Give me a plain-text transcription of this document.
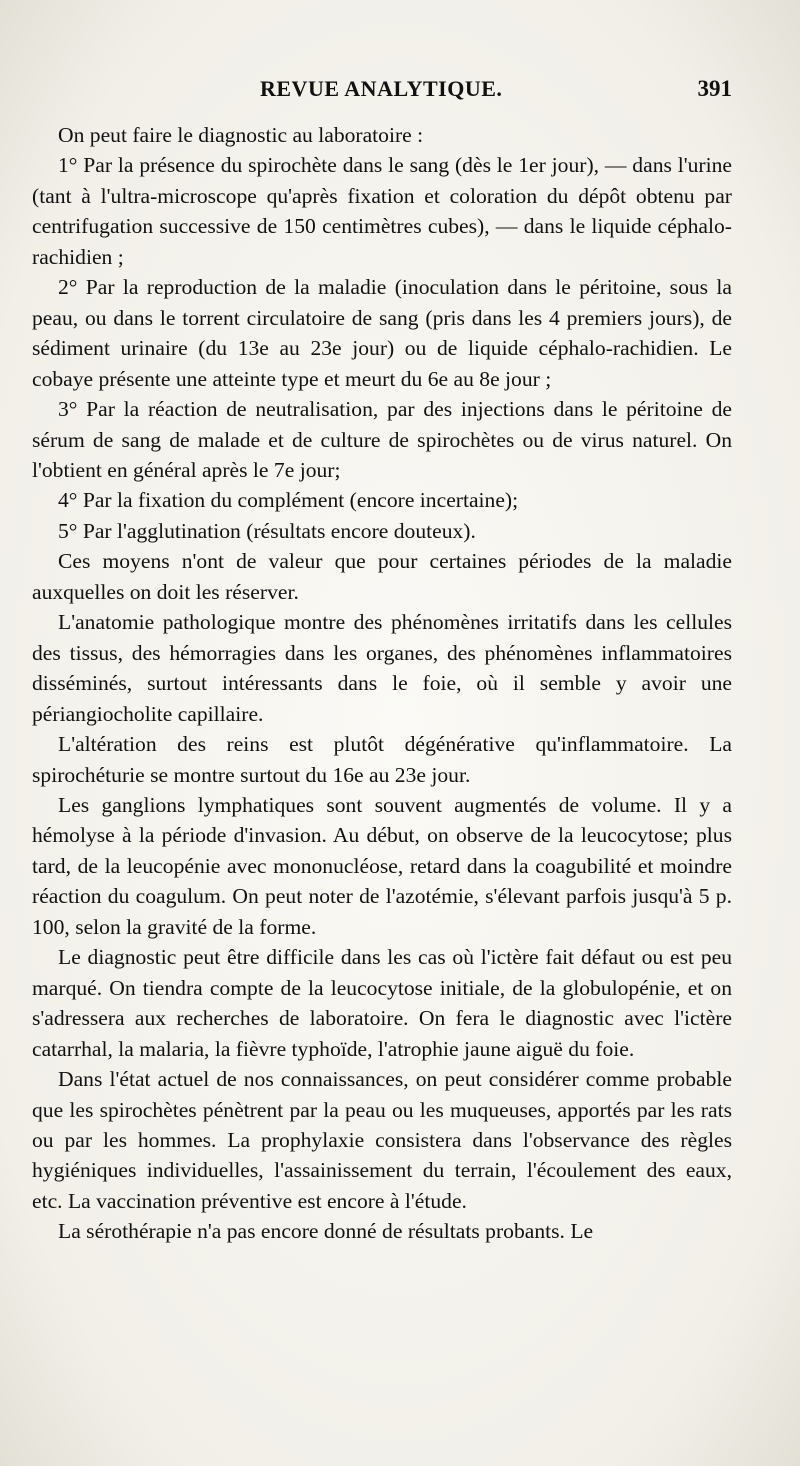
REVUE ANALYTIQUE.	391

On peut faire le diagnostic au laboratoire :

1° Par la présence du spirochète dans le sang (dès le 1er jour), — dans l'urine (tant à l'ultra-microscope qu'après fixation et coloration du dépôt obtenu par centrifugation successive de 150 centimètres cubes), — dans le liquide céphalo-rachidien ;

2° Par la reproduction de la maladie (inoculation dans le péritoine, sous la peau, ou dans le torrent circulatoire de sang (pris dans les 4 premiers jours), de sédiment urinaire (du 13e au 23e jour) ou de liquide céphalo-rachidien. Le cobaye présente une atteinte type et meurt du 6e au 8e jour ;

3° Par la réaction de neutralisation, par des injections dans le péritoine de sérum de sang de malade et de culture de spirochètes ou de virus naturel. On l'obtient en général après le 7e jour;

4° Par la fixation du complément (encore incertaine);

5° Par l'agglutination (résultats encore douteux).

Ces moyens n'ont de valeur que pour certaines périodes de la maladie auxquelles on doit les réserver.

L'anatomie pathologique montre des phénomènes irritatifs dans les cellules des tissus, des hémorragies dans les organes, des phénomènes inflammatoires disséminés, surtout intéressants dans le foie, où il semble y avoir une périangiocholite capillaire.

L'altération des reins est plutôt dégénérative qu'inflammatoire. La spirochéturie se montre surtout du 16e au 23e jour.

Les ganglions lymphatiques sont souvent augmentés de volume. Il y a hémolyse à la période d'invasion. Au début, on observe de la leucocytose; plus tard, de la leucopénie avec mononucléose, retard dans la coagubilité et moindre réaction du coagulum. On peut noter de l'azotémie, s'élevant parfois jusqu'à 5 p. 100, selon la gravité de la forme.

Le diagnostic peut être difficile dans les cas où l'ictère fait défaut ou est peu marqué. On tiendra compte de la leucocytose initiale, de la globulopénie, et on s'adressera aux recherches de laboratoire. On fera le diagnostic avec l'ictère catarrhal, la malaria, la fièvre typhoïde, l'atrophie jaune aiguë du foie.

Dans l'état actuel de nos connaissances, on peut considérer comme probable que les spirochètes pénètrent par la peau ou les muqueuses, apportés par les rats ou par les hommes. La prophylaxie consistera dans l'observance des règles hygiéniques individuelles, l'assainissement du terrain, l'écoulement des eaux, etc. La vaccination préventive est encore à l'étude.

La sérothérapie n'a pas encore donné de résultats probants. Le
